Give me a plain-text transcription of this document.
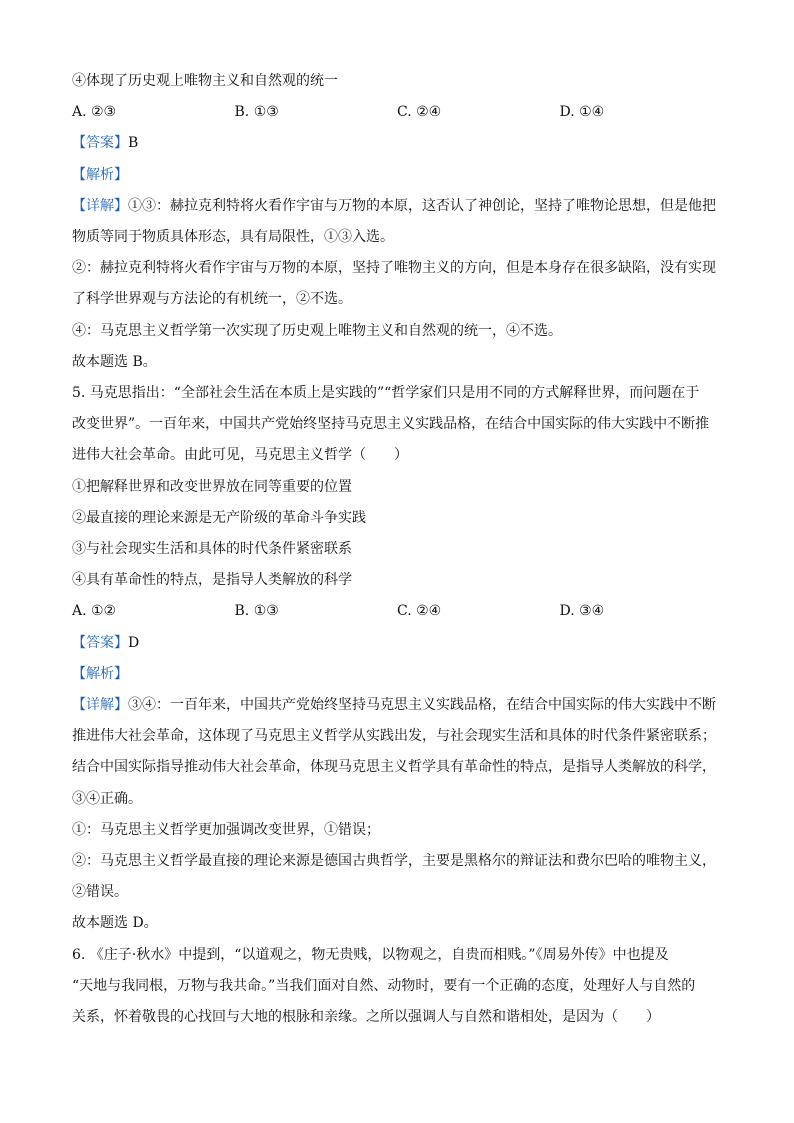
④体现了历史观上唯物主义和自然观的统一
A. ②③	B. ①③	C. ②④	D. ①④
【答案】B
【解析】
【详解】①③：赫拉克利特将火看作宇宙与万物的本原，这否认了神创论，坚持了唯物论思想，但是他把
物质等同于物质具体形态，具有局限性，①③入选。
②：赫拉克利特将火看作宇宙与万物的本原，坚持了唯物主义的方向，但是本身存在很多缺陷，没有实现
了科学世界观与方法论的有机统一，②不选。
④：马克思主义哲学第一次实现了历史观上唯物主义和自然观的统一，④不选。
故本题选 B。
5. 马克思指出：“全部社会生活在本质上是实践的”“哲学家们只是用不同的方式解释世界，而问题在于
改变世界”。一百年来，中国共产党始终坚持马克思主义实践品格，在结合中国实际的伟大实践中不断推
进伟大社会革命。由此可见，马克思主义哲学（　　）
①把解释世界和改变世界放在同等重要的位置
②最直接的理论来源是无产阶级的革命斗争实践
③与社会现实生活和具体的时代条件紧密联系
④具有革命性的特点，是指导人类解放的科学
A. ①②	B. ①③	C. ②④	D. ③④
【答案】D
【解析】
【详解】③④：一百年来，中国共产党始终坚持马克思主义实践品格，在结合中国实际的伟大实践中不断
推进伟大社会革命，这体现了马克思主义哲学从实践出发，与社会现实生活和具体的时代条件紧密联系；
结合中国实际指导推动伟大社会革命，体现马克思主义哲学具有革命性的特点，是指导人类解放的科学，
③④正确。
①：马克思主义哲学更加强调改变世界，①错误；
②：马克思主义哲学最直接的理论来源是德国古典哲学，主要是黑格尔的辩证法和费尔巴哈的唯物主义，
②错误。
故本题选 D。
6. 《庄子·秋水》中提到，“以道观之，物无贵贱，以物观之，自贵而相贱。”《周易外传》中也提及
“天地与我同根，万物与我共命。”当我们面对自然、动物时，要有一个正确的态度，处理好人与自然的
关系，怀着敬畏的心找回与大地的根脉和亲缘。之所以强调人与自然和谐相处，是因为（　　）
